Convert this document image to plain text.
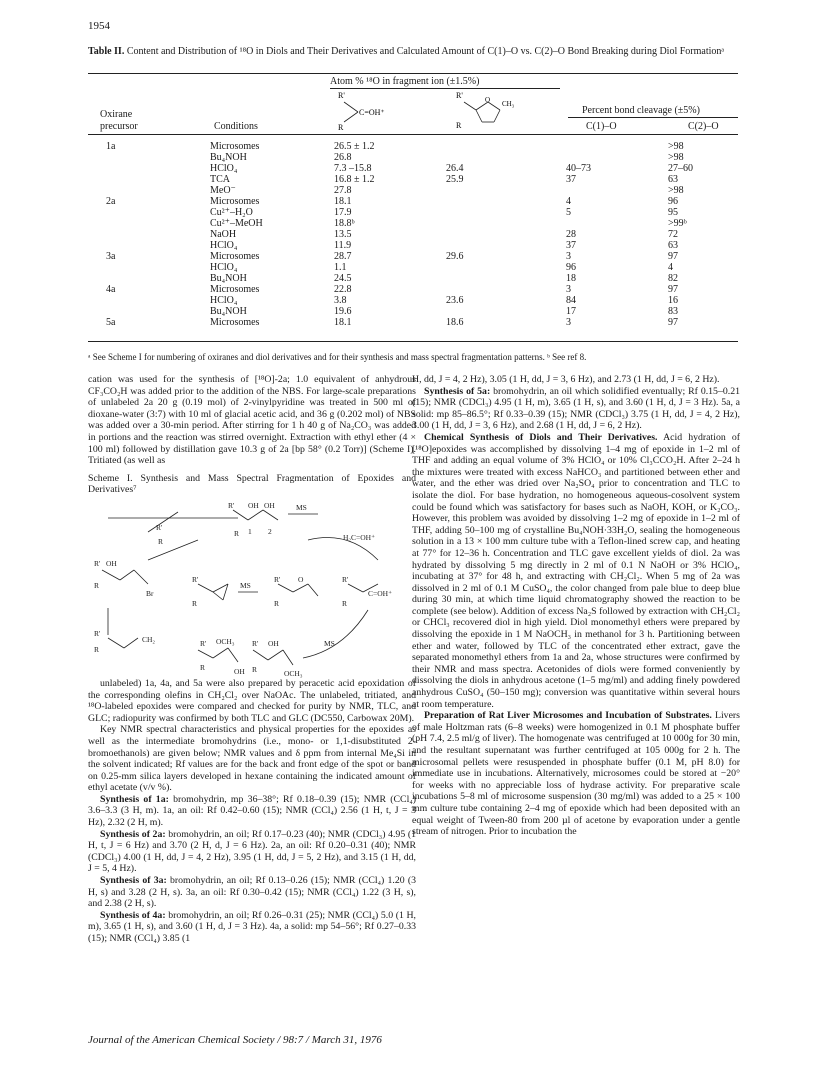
1954
Table II. Content and Distribution of ¹⁸O in Diols and Their Derivatives and Calculated Amount of C(1)–O vs. C(2)–O Bond Breaking during Diol Formationᵃ
Atom % ¹⁸O in fragment ion (±1.5%)
Oxirane
precursor	Conditions
R'
C=OH⁺
R
R'	O CH₃
R
Percent bond cleavage (±5%)
C(1)–O	C(2)–O
1a	Microsomes	26.5 ± 1.2			>98
	Bu₄NOH	26.8			>98
	HClO₄	7.3 –15.8	26.4	40–73	27–60
	TCA	16.8 ± 1.2	25.9	37	63
	MeO⁻	27.8			>98
2a	Microsomes	18.1		4	96
	Cu²⁺–H₂O	17.9		5	95
	Cu²⁺–MeOH	18.8ᵇ			>99ᵇ
	NaOH	13.5		28	72
	HClO₄	11.9		37	63
3a	Microsomes	28.7	29.6	3	97
	HClO₄	1.1		96	4
	Bu₄NOH	24.5		18	82
4a	Microsomes	22.8		3	97
	HClO₄	3.8	23.6	84	16
	Bu₄NOH	19.6		17	83
5a	Microsomes	18.1	18.6	3	97
ᵃ See Scheme I for numbering of oxiranes and diol derivatives and for their synthesis and mass spectral fragmentation patterns. ᵇ See ref 8.

cation was used for the synthesis of [¹⁸O]-2a; 1.0 equivalent of anhydrous CF₃CO₂H was added prior to the addition of the NBS. For large-scale preparations of unlabeled 2a 20 g (0.19 mol) of 2-vinylpyridine was treated in 500 ml of dioxane-water (3:7) with 10 ml of glacial acetic acid, and 36 g (0.202 mol) of NBS was added over a 30-min period. After stirring for 1 h 40 g of Na₂CO₃ was added in portions and the reaction was stirred overnight. Extraction with ethyl ether (4 × 100 ml) followed by distillation gave 10.3 g of 2a [bp 58° (0.2 Torr)] (Scheme I). Tritiated (as well as

Scheme I. Synthesis and Mass Spectral Fragmentation of Epoxides and Derivatives⁷
R'
R
R' OH OH
R 1 2
MS
H₂C=OH⁺
R' OH
R
Br
R'
R
MS
R' O
R
R'
C=OH⁺
R
R'
CH₂
R
R' OCH₃
R	OH
R' OH
R	OCH₃
MS

unlabeled) 1a, 4a, and 5a were also prepared by peracetic acid epoxidation of the corresponding olefins in CH₂Cl₂ over NaOAc. The unlabeled, tritiated, and ¹⁸O-labeled epoxides were compared and checked for purity by NMR, TLC, and GLC; radiopurity was confirmed by both TLC and GLC (DC550, Carbowax 20M).

Key NMR spectral characteristics and physical properties for the epoxides as well as the intermediate bromohydrins (i.e., mono- or 1,1-disubstituted 2-bromoethanols) are given below; NMR values and δ ppm from internal Me₄Si in the solvent indicated; Rf values are for the back and front edge of the spot or band on 0.25-mm silica layers developed in hexane containing the indicated amount of ethyl acetate (v/v %).

Synthesis of 1a: bromohydrin, mp 36–38°; Rf 0.18–0.39 (15); NMR (CCl₄) 3.6–3.3 (3 H, m). 1a, an oil: Rf 0.42–0.60 (15); NMR (CCl₄) 2.56 (1 H, t, J = 3 Hz), 2.32 (2 H, m).

Synthesis of 2a: bromohydrin, an oil; Rf 0.17–0.23 (40); NMR (CDCl₃) 4.95 (1 H, t, J = 6 Hz) and 3.70 (2 H, d, J = 6 Hz). 2a, an oil: Rf 0.20–0.31 (40); NMR (CDCl₃) 4.00 (1 H, dd, J = 4, 2 Hz), 3.95 (1 H, dd, J = 5, 2 Hz), and 3.15 (1 H, dd, J = 5, 4 Hz).

Synthesis of 3a: bromohydrin, an oil; Rf 0.13–0.26 (15); NMR (CCl₄) 1.20 (3 H, s) and 3.28 (2 H, s). 3a, an oil: Rf 0.30–0.42 (15); NMR (CCl₄) 1.22 (3 H, s), and 2.38 (2 H, s).

Synthesis of 4a: bromohydrin, an oil; Rf 0.26–0.31 (25); NMR (CCl₄) 5.0 (1 H, m), 3.65 (1 H, s), and 3.60 (1 H, d, J = 3 Hz). 4a, a solid: mp 54–56°; Rf 0.27–0.33 (15); NMR (CCl₄) 3.85 (1

H, dd, J = 4, 2 Hz), 3.05 (1 H, dd, J = 3, 6 Hz), and 2.73 (1 H, dd, J = 6, 2 Hz).

Synthesis of 5a: bromohydrin, an oil which solidified eventually; Rf 0.15–0.21 (15); NMR (CDCl₃) 4.95 (1 H, m), 3.65 (1 H, s), and 3.60 (1 H, d, J = 3 Hz). 5a, a solid: mp 85–86.5°; Rf 0.33–0.39 (15); NMR (CDCl₃) 3.75 (1 H, dd, J = 4, 2 Hz), 3.00 (1 H, dd, J = 3, 6 Hz), and 2.68 (1 H, dd, J = 6, 2 Hz).

Chemical Synthesis of Diols and Their Derivatives. Acid hydration of [¹⁸O]epoxides was accomplished by dissolving 1–4 mg of epoxide in 1–2 ml of THF and adding an equal volume of 3% HClO₄ or 10% Cl₃CCO₂H. After 2–24 h the mixtures were treated with excess NaHCO₃ and partitioned between ether and water, and the ether was dried over Na₂SO₄ prior to concentration and TLC to isolate the diol. For base hydration, no homogeneous aqueous-cosolvent system could be found which was satisfactory for bases such as NaOH, KOH, or K₂CO₃. However, this problem was avoided by dissolving 1–2 mg of epoxide in 1–2 ml of THF, adding 50–100 mg of crystalline Bu₄NOH·33H₂O, sealing the homogeneous solution in a 13 × 100 mm culture tube with a Teflon-lined screw cap, and heating at 77° for 12–36 h. Concentration and TLC gave excellent yields of diol. 2a was hydrated by dissolving 5 mg directly in 2 ml of 0.1 N NaOH or 3% HClO₄, incubating at 37° for 48 h, and extracting with CH₂Cl₂. When 5 mg of 2a was dissolved in 2 ml of 0.1 M CuSO₄, the color changed from pale blue to deep blue during 30 min, at which time liquid chromatography showed the reaction to be complete (see below). Addition of excess Na₂S followed by extraction with CH₂Cl₂ or CHCl₃ recovered diol in high yield. Diol monomethyl ethers were prepared by dissolving the epoxide in 1 M NaOCH₃ in methanol for 3 h. Partitioning between ether and water, followed by TLC of the concentrated ether extract, gave the separated monomethyl ethers from 1a and 2a, whose structures were confirmed by their NMR and mass spectra. Acetonides of diols were formed conveniently by dissolving the diols in anhydrous acetone (1–5 mg/ml) and adding finely powdered anhydrous CuSO₄ (50–150 mg); conversion was quantitative within several hours at room temperature.

Preparation of Rat Liver Microsomes and Incubation of Substrates. Livers of male Holtzman rats (6–8 weeks) were homogenized in 0.1 M phosphate buffer (pH 7.4, 2.5 ml/g of liver). The homogenate was centrifuged at 10 000g for 30 min, and the resultant supernatant was further centrifuged at 105 000g for 2 h. The microsomal pellets were resuspended in phosphate buffer (0.1 M, pH 8.0) for immediate use in incubations. Alternatively, microsomes could be stored at −20° for weeks with no appreciable loss of hydrase activity. For preparative scale incubations 5–8 ml of microsome suspension (30 mg/ml) was added to a 25 × 100 mm culture tube containing 2–4 mg of epoxide which had been deposited with an equal weight of Tween-80 from 200 µl of acetone by evaporation under a gentle stream of nitrogen. Prior to incubation the

Journal of the American Chemical Society / 98:7 / March 31, 1976
